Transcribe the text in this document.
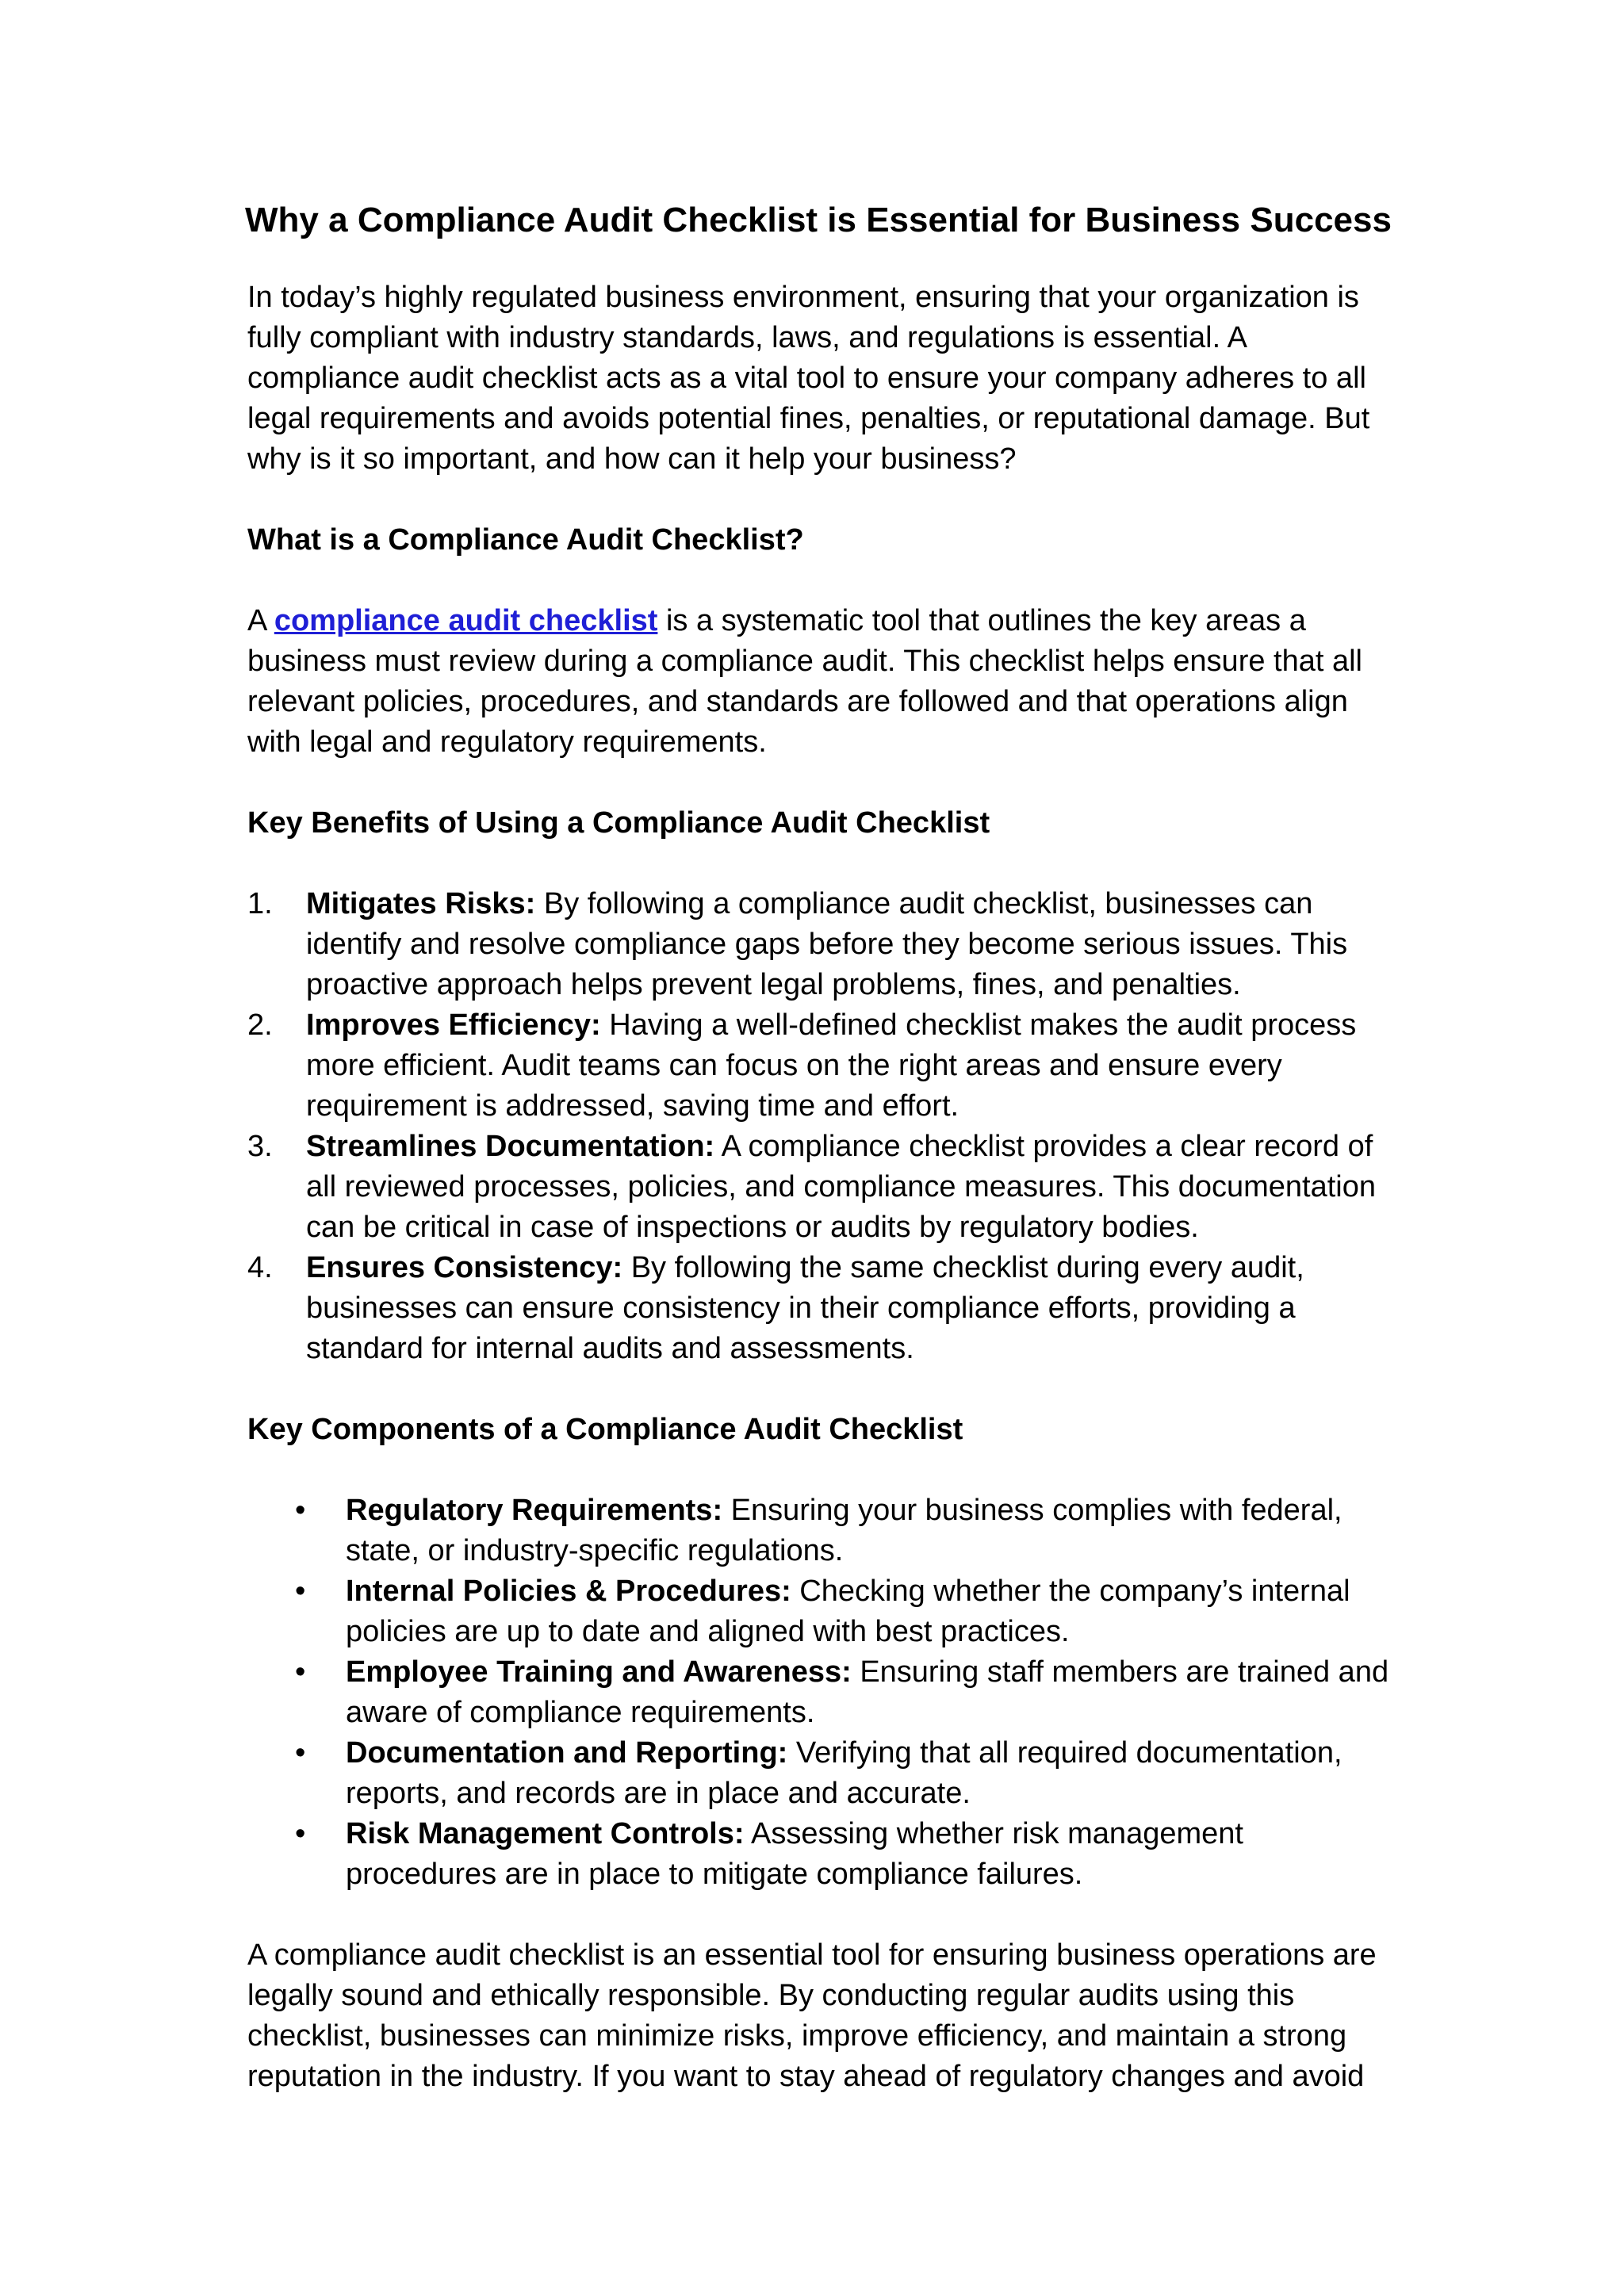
Why a Compliance Audit Checklist is Essential for Business Success

In today’s highly regulated business environment, ensuring that your organization is fully compliant with industry standards, laws, and regulations is essential. A compliance audit checklist acts as a vital tool to ensure your company adheres to all legal requirements and avoids potential fines, penalties, or reputational damage. But why is it so important, and how can it help your business?

What is a Compliance Audit Checklist?

A compliance audit checklist is a systematic tool that outlines the key areas a business must review during a compliance audit. This checklist helps ensure that all relevant policies, procedures, and standards are followed and that operations align with legal and regulatory requirements.

Key Benefits of Using a Compliance Audit Checklist
1. Mitigates Risks: By following a compliance audit checklist, businesses can identify and resolve compliance gaps before they become serious issues. This proactive approach helps prevent legal problems, fines, and penalties.
2. Improves Efficiency: Having a well-defined checklist makes the audit process more efficient. Audit teams can focus on the right areas and ensure every requirement is addressed, saving time and effort.
3. Streamlines Documentation: A compliance checklist provides a clear record of all reviewed processes, policies, and compliance measures. This documentation can be critical in case of inspections or audits by regulatory bodies.
4. Ensures Consistency: By following the same checklist during every audit, businesses can ensure consistency in their compliance efforts, providing a standard for internal audits and assessments.
Key Components of a Compliance Audit Checklist
• Regulatory Requirements: Ensuring your business complies with federal, state, or industry-specific regulations.
• Internal Policies & Procedures: Checking whether the company’s internal policies are up to date and aligned with best practices.
• Employee Training and Awareness: Ensuring staff members are trained and aware of compliance requirements.
• Documentation and Reporting: Verifying that all required documentation, reports, and records are in place and accurate.
• Risk Management Controls: Assessing whether risk management procedures are in place to mitigate compliance failures.

A compliance audit checklist is an essential tool for ensuring business operations are legally sound and ethically responsible. By conducting regular audits using this checklist, businesses can minimize risks, improve efficiency, and maintain a strong reputation in the industry. If you want to stay ahead of regulatory changes and avoid
